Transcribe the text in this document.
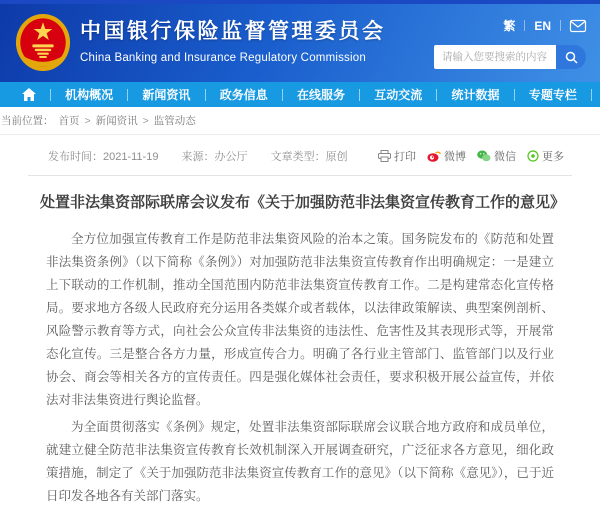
中国银行保险监督管理委员会
China Banking and Insurance Regulatory Commission
繁 EN
请输入您要搜索的内容...
机构概况	新闻资讯	政务信息	在线服务	互动交流	统计数据	专题专栏
当前位置： 首页 > 新闻资讯 > 监管动态
发布时间：2021-11-19 来源：办公厅 文章类型：原创	打印	微博	微信 更多
处置非法集资部际联席会议发布《关于加强防范非法集资宣传教育工作的意见》

全方位加强宣传教育工作是防范非法集资风险的治本之策。国务院发布的《防范和处置非法集资条例》（以下简称《条例》）对加强防范非法集资宣传教育作出明确规定：一是建立上下联动的工作机制，推动全国范围内防范非法集资宣传教育工作。二是构建常态化宣传格局。要求地方各级人民政府充分运用各类媒介或者载体，以法律政策解读、典型案例剖析、风险警示教育等方式，向社会公众宣传非法集资的违法性、危害性及其表现形式等，开展常态化宣传。三是整合各方力量，形成宣传合力。明确了各行业主管部门、监管部门以及行业协会、商会等相关各方的宣传责任。四是强化媒体社会责任，要求积极开展公益宣传，并依法对非法集资进行舆论监督。

为全面贯彻落实《条例》规定，处置非法集资部际联席会议联合地方政府和成员单位，就建立健全防范非法集资宣传教育长效机制深入开展调查研究，广泛征求各方意见，细化政策措施，制定了《关于加强防范非法集资宣传教育工作的意见》（以下简称《意见》），已于近日印发各地各有关部门落实。
